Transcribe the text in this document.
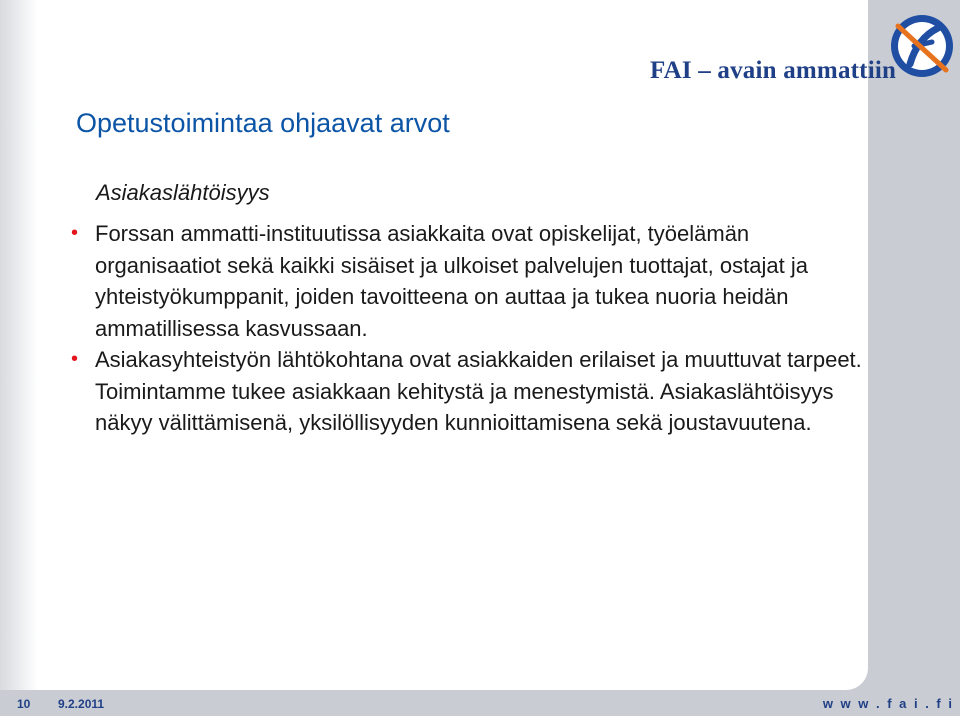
FAI – avain ammattiin
Opetustoimintaa ohjaavat arvot
Asiakaslähtöisyys
• Forssan ammatti-instituutissa asiakkaita ovat opiskelijat, työelämän organisaatiot sekä kaikki sisäiset ja ulkoiset palvelujen tuottajat, ostajat ja yhteistyökumppanit, joiden tavoitteena on auttaa ja tukea nuoria heidän ammatillisessa kasvussaan.
• Asiakasyhteistyön lähtökohtana ovat asiakkaiden erilaiset ja muuttuvat tarpeet. Toimintamme tukee asiakkaan kehitystä ja menestymistä. Asiakaslähtöisyys näkyy välittämisenä, yksilöllisyyden kunnioittamisena sekä joustavuutena.
10 9.2.2011	w w w . f a i . f i
